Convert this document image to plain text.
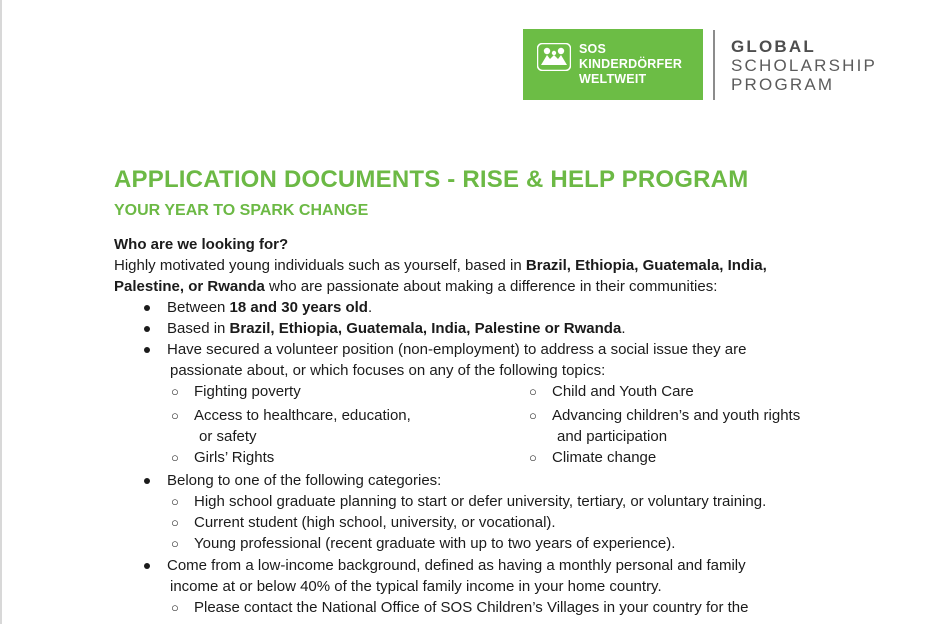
SOS
KINDERDÖRFER
WELTWEIT
GLOBAL
SCHOLARSHIP
PROGRAM
APPLICATION DOCUMENTS - RISE & HELP PROGRAM
YOUR YEAR TO SPARK CHANGE
Who are we looking for?
Highly motivated young individuals such as yourself, based in Brazil, Ethiopia, Guatemala, India,
Palestine, or Rwanda who are passionate about making a difference in their communities:
Between 18 and 30 years old.
Based in Brazil, Ethiopia, Guatemala, India, Palestine or Rwanda.
Have secured a volunteer position (non-employment) to address a social issue they are
passionate about, or which focuses on any of the following topics:
○ Fighting poverty
○ Access to healthcare, education,
or safety
○ Girls’ Rights
○ Child and Youth Care
○ Advancing children’s and youth rights
and participation
○ Climate change
Belong to one of the following categories:
○ High school graduate planning to start or defer university, tertiary, or voluntary training.
○ Current student (high school, university, or vocational).
○ Young professional (recent graduate with up to two years of experience).
Come from a low-income background, defined as having a monthly personal and family
income at or below 40% of the typical family income in your home country.
○ Please contact the National Office of SOS Children’s Villages in your country for the
